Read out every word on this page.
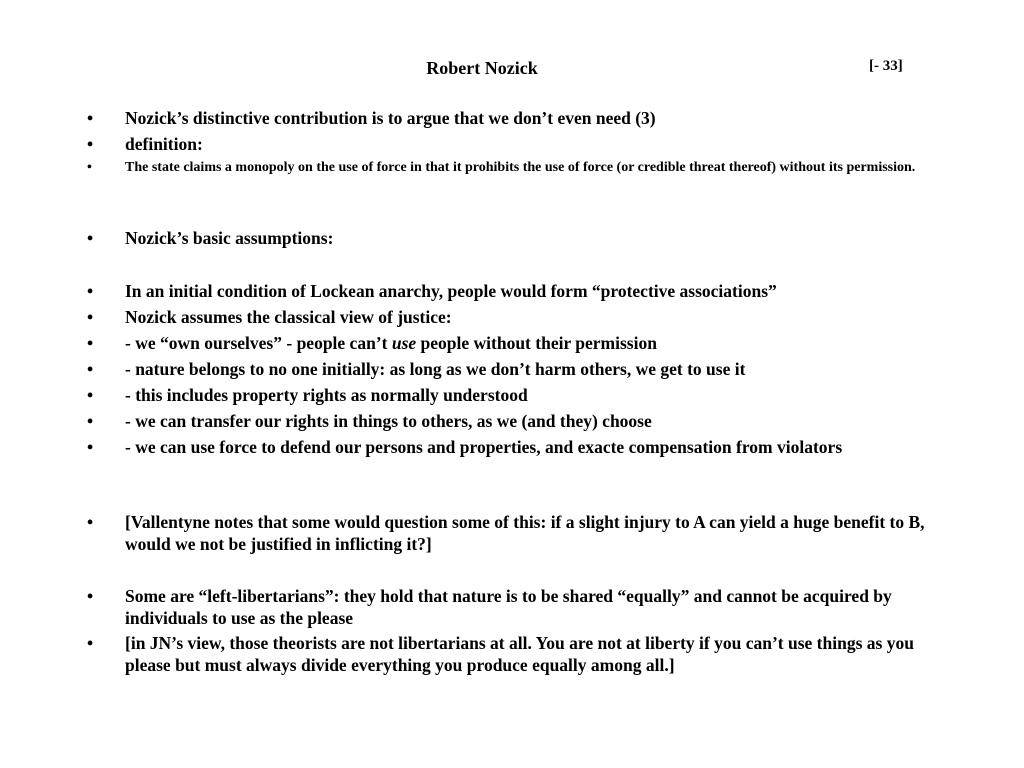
Robert Nozick	[- 33]
• Nozick’s distinctive contribution is to argue that we don’t even need (3)
• definition:
• The state claims a monopoly on the use of force in that it prohibits the use of force (or credible threat thereof) without its permission.
• Nozick’s basic assumptions:
• In an initial condition of Lockean anarchy, people would form “protective associations”
• Nozick assumes the classical view of justice:
• - we “own ourselves” - people can’t use people without their permission
• - nature belongs to no one initially: as long as we don’t harm others, we get to use it
• - this includes property rights as normally understood
• - we can transfer our rights in things to others, as we (and they) choose
• - we can use force to defend our persons and properties, and exacte compensation from violators
• [Vallentyne notes that some would question some of this: if a slight injury to A can yield a huge benefit to B, would we not be justified in inflicting it?]
• Some are “left-libertarians”: they hold that nature is to be shared “equally” and cannot be acquired by individuals to use as the please
• [in JN’s view, those theorists are not libertarians at all. You are not at liberty if you can’t use things as you please but must always divide everything you produce equally among all.]
